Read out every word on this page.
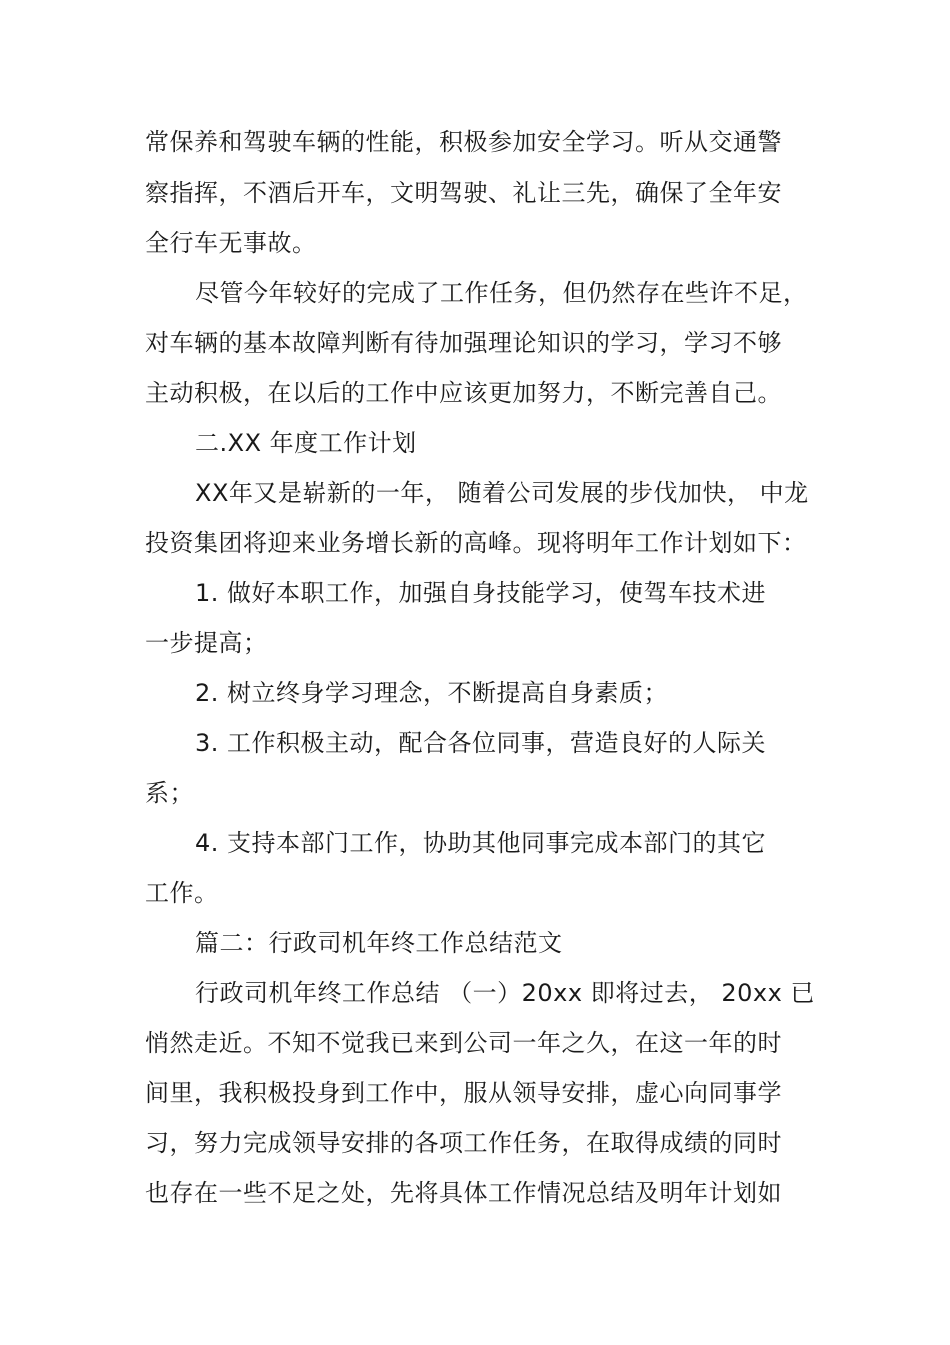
常保养和驾驶车辆的性能，积极参加安全学习。听从交通警
察指挥，不酒后开车，文明驾驶、礼让三先，确保了全年安
全行车无事故。
尽管今年较好的完成了工作任务，但仍然存在些许不足，
对车辆的基本故障判断有待加强理论知识的学习，学习不够
主动积极，在以后的工作中应该更加努力，不断完善自己。
二.XX 年度工作计划
XX年又是崭新的一年， 随着公司发展的步伐加快， 中龙
投资集团将迎来业务增长新的高峰。现将明年工作计划如下：
1. 做好本职工作，加强自身技能学习，使驾车技术进
一步提高；
2. 树立终身学习理念，不断提高自身素质；
3. 工作积极主动，配合各位同事，营造良好的人际关
系；
4. 支持本部门工作，协助其他同事完成本部门的其它
工作。
篇二：行政司机年终工作总结范文
行政司机年终工作总结 （一）20xx 即将过去， 20xx 已
悄然走近。不知不觉我已来到公司一年之久，在这一年的时
间里，我积极投身到工作中，服从领导安排，虚心向同事学
习，努力完成领导安排的各项工作任务，在取得成绩的同时
也存在一些不足之处，先将具体工作情况总结及明年计划如
